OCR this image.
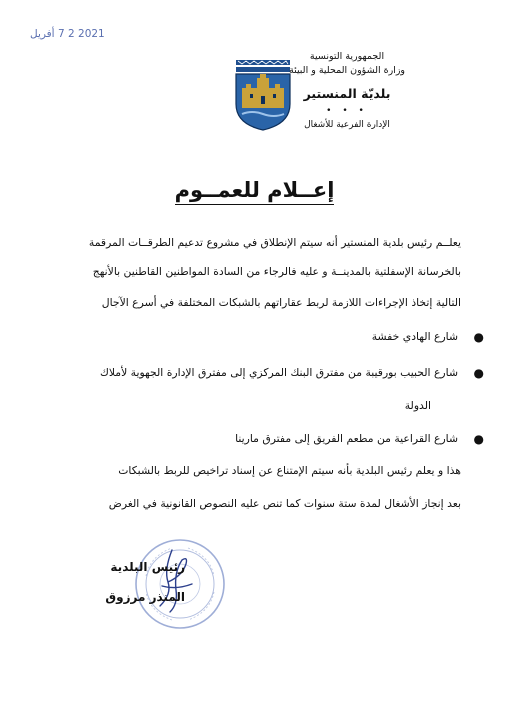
2021 2 7 أفريل
الجمهورية التونسية
وزارة الشؤون المحلية و البيئة
بلديّة المنستير
• • •
الإدارة الفرعية للأشغال
إعــلام للعمــوم
يعلــم رئيس بلدية المنستير أنه سيتم الإنطلاق في مشروع تدعيم الطرقــات المرقمة
بالخرسانة الإسفلتية بالمدينــة و عليه فالرجاء من السادة المواطنين القاطنين بالأنهج
التالية إتخاذ الإجراءات اللازمة لربط عقاراتهم بالشبكات المختلفة في أسرع الآجال
●
شارع الهادي خفشة
●
شارع الحبيب بورقيبة من مفترق البنك المركزي إلى مفترق الإدارة الجهوية لأملاك
الدولة
●
شارع القراعية من مطعم الفريق إلى مفترق مارينا
هذا و يعلم رئيس البلدية بأنه سيتم الإمتناع عن إسناد تراخيص للربط بالشبكات
بعد إنجاز الأشغال لمدة ستة سنوات كما تنص عليه النصوص القانونية في الغرض
رئيس البلدية
المنذر مرزوق
